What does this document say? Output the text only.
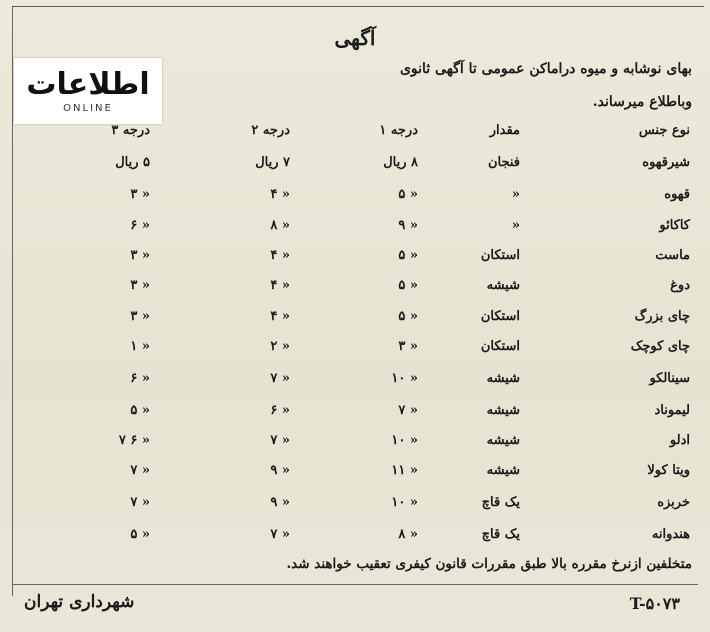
اطلاعات
ONLINE
آگهی
بهای نوشابه و میوه دراماکن عمومی تا آگهی ثانوی
وباطلاع میرساند.
نوع جنس
مقدار
درجه ۱
درجه ۲
درجه ۳
شیرقهوه
فنجان
۸ ریال
۷ ریال
۵ ریال
قهوه
«
« ۵
« ۴
« ۳
کاکائو
«
« ۹
« ۸
« ۶
ماست
استکان
« ۵
« ۴
« ۳
دوغ
شیشه
« ۵
« ۴
« ۳
چای بزرگ
استکان
« ۵
« ۴
« ۳
چای کوچک
استکان
« ۳
« ۲
« ۱
سینالکو
شیشه
« ۱۰
« ۷
« ۶
لیموناد
شیشه
« ۷
« ۶
« ۵
ادلو
شیشه
« ۱۰
« ۷
« ۶ ۷
ویتا کولا
شیشه
« ۱۱
« ۹
« ۷
خربزه
یک قاچ
« ۱۰
« ۹
« ۷
هندوانه
یک قاچ
« ۸
« ۷
« ۵
متخلفین ازنرخ مقرره بالا طبق مقررات قانون کیفری تعقیب خواهند شد.
شهرداری تهران	T-۵۰۷۳
